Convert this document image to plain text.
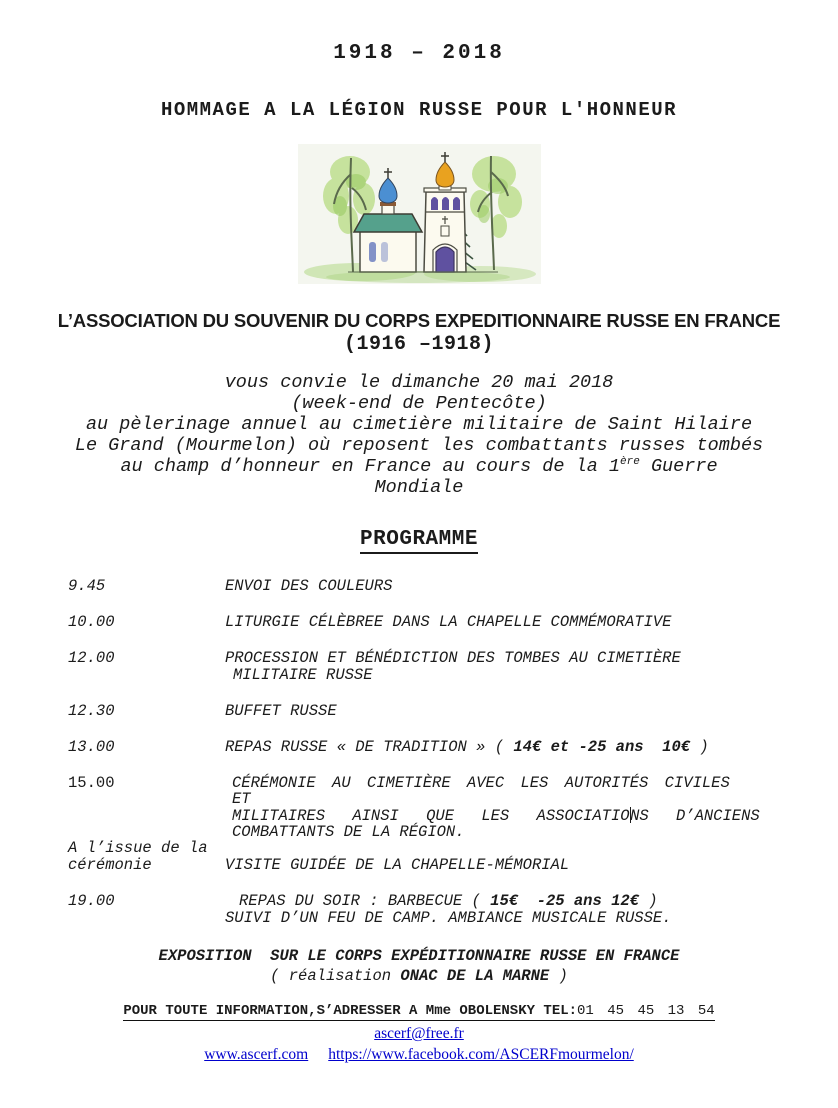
1918 – 2018
HOMMAGE A LA LÉGION RUSSE POUR L'HONNEUR
L’ASSOCIATION DU SOUVENIR DU CORPS EXPEDITIONNAIRE RUSSE EN FRANCE
(1916 –1918)
vous convie le dimanche 20 mai 2018
(week-end de Pentecôte)
au pèlerinage annuel au cimetière militaire de Saint Hilaire
Le Grand (Mourmelon) où reposent les combattants russes tombés
au champ d’honneur en France au cours de la 1ère Guerre
Mondiale
PROGRAMME
9.45	ENVOI DES COULEURS
10.00	LITURGIE CÉLÈBREE DANS LA CHAPELLE COMMÉMORATIVE
12.00	PROCESSION ET BÉNÉDICTION DES TOMBES AU CIMETIÈRE
MILITAIRE RUSSE
12.30	BUFFET RUSSE
13.00	REPAS RUSSE « DE TRADITION » ( 14€ et -25 ans  10€ )
15.00	CÉRÉMONIE AU CIMETIÈRE AVEC LES AUTORITÉS CIVILES ET
MILITAIRES AINSI QUE LES ASSOCIATIONS D’ANCIENS
COMBATTANTS DE LA RÉGION.
A l’issue de la
cérémonie	VISITE GUIDÉE DE LA CHAPELLE-MÉMORIAL
19.00	REPAS DU SOIR : BARBECUE ( 15€  -25 ans 12€ )
SUIVI D’UN FEU DE CAMP. AMBIANCE MUSICALE RUSSE.
EXPOSITION  SUR LE CORPS EXPÉDITIONNAIRE RUSSE EN FRANCE
( réalisation ONAC DE LA MARNE )
POUR TOUTE INFORMATION,S’ADRESSER A Mme OBOLENSKY TEL:01 45 45 13 54
ascerf@free.fr
www.ascerf.com https://www.facebook.com/ASCERFmourmelon/
